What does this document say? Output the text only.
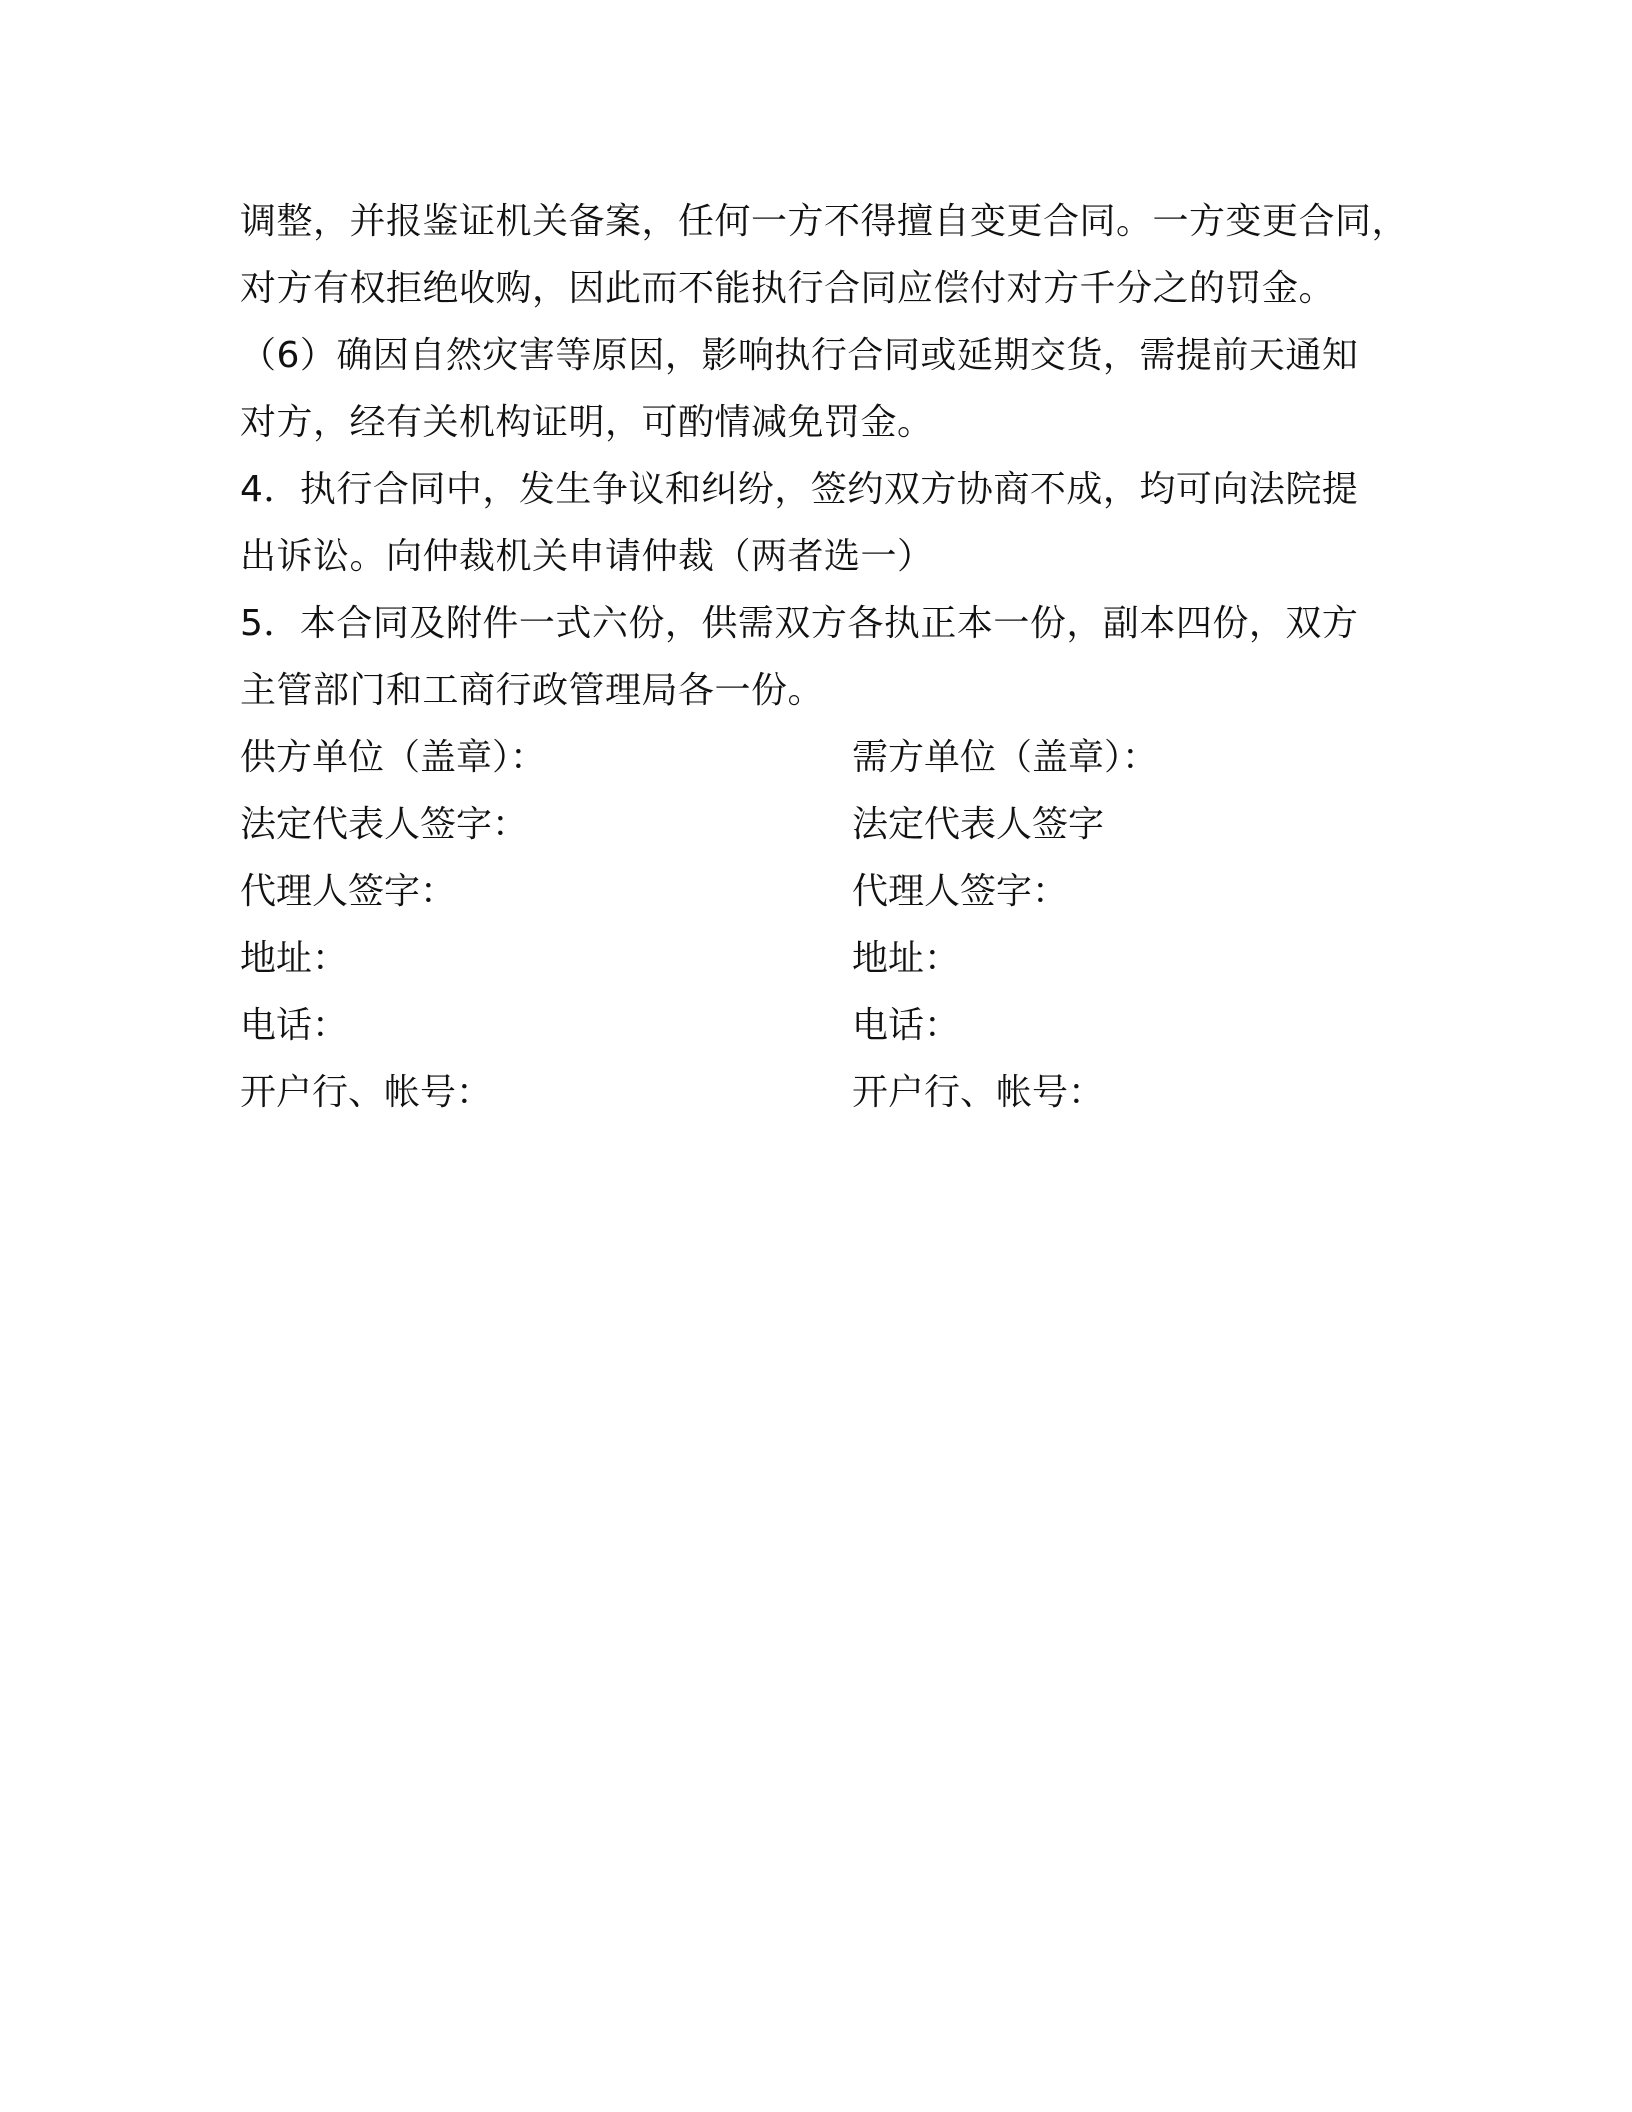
调整，并报鉴证机关备案，任何一方不得擅自变更合同。一方变更合同，

对方有权拒绝收购，因此而不能执行合同应偿付对方千分之的罚金。

（6）确因自然灾害等原因，影响执行合同或延期交货，需提前天通知

对方，经有关机构证明，可酌情减免罚金。

4．执行合同中，发生争议和纠纷，签约双方协商不成，均可向法院提

出诉讼。向仲裁机关申请仲裁（两者选一）

5．本合同及附件一式六份，供需双方各执正本一份，副本四份，双方

主管部门和工商行政管理局各一份。

供方单位（盖章）：	需方单位（盖章）：
法定代表人签字：	法定代表人签字
代理人签字：	代理人签字：
地址：	地址：
电话：	电话：
开户行、帐号：	开户行、帐号：
